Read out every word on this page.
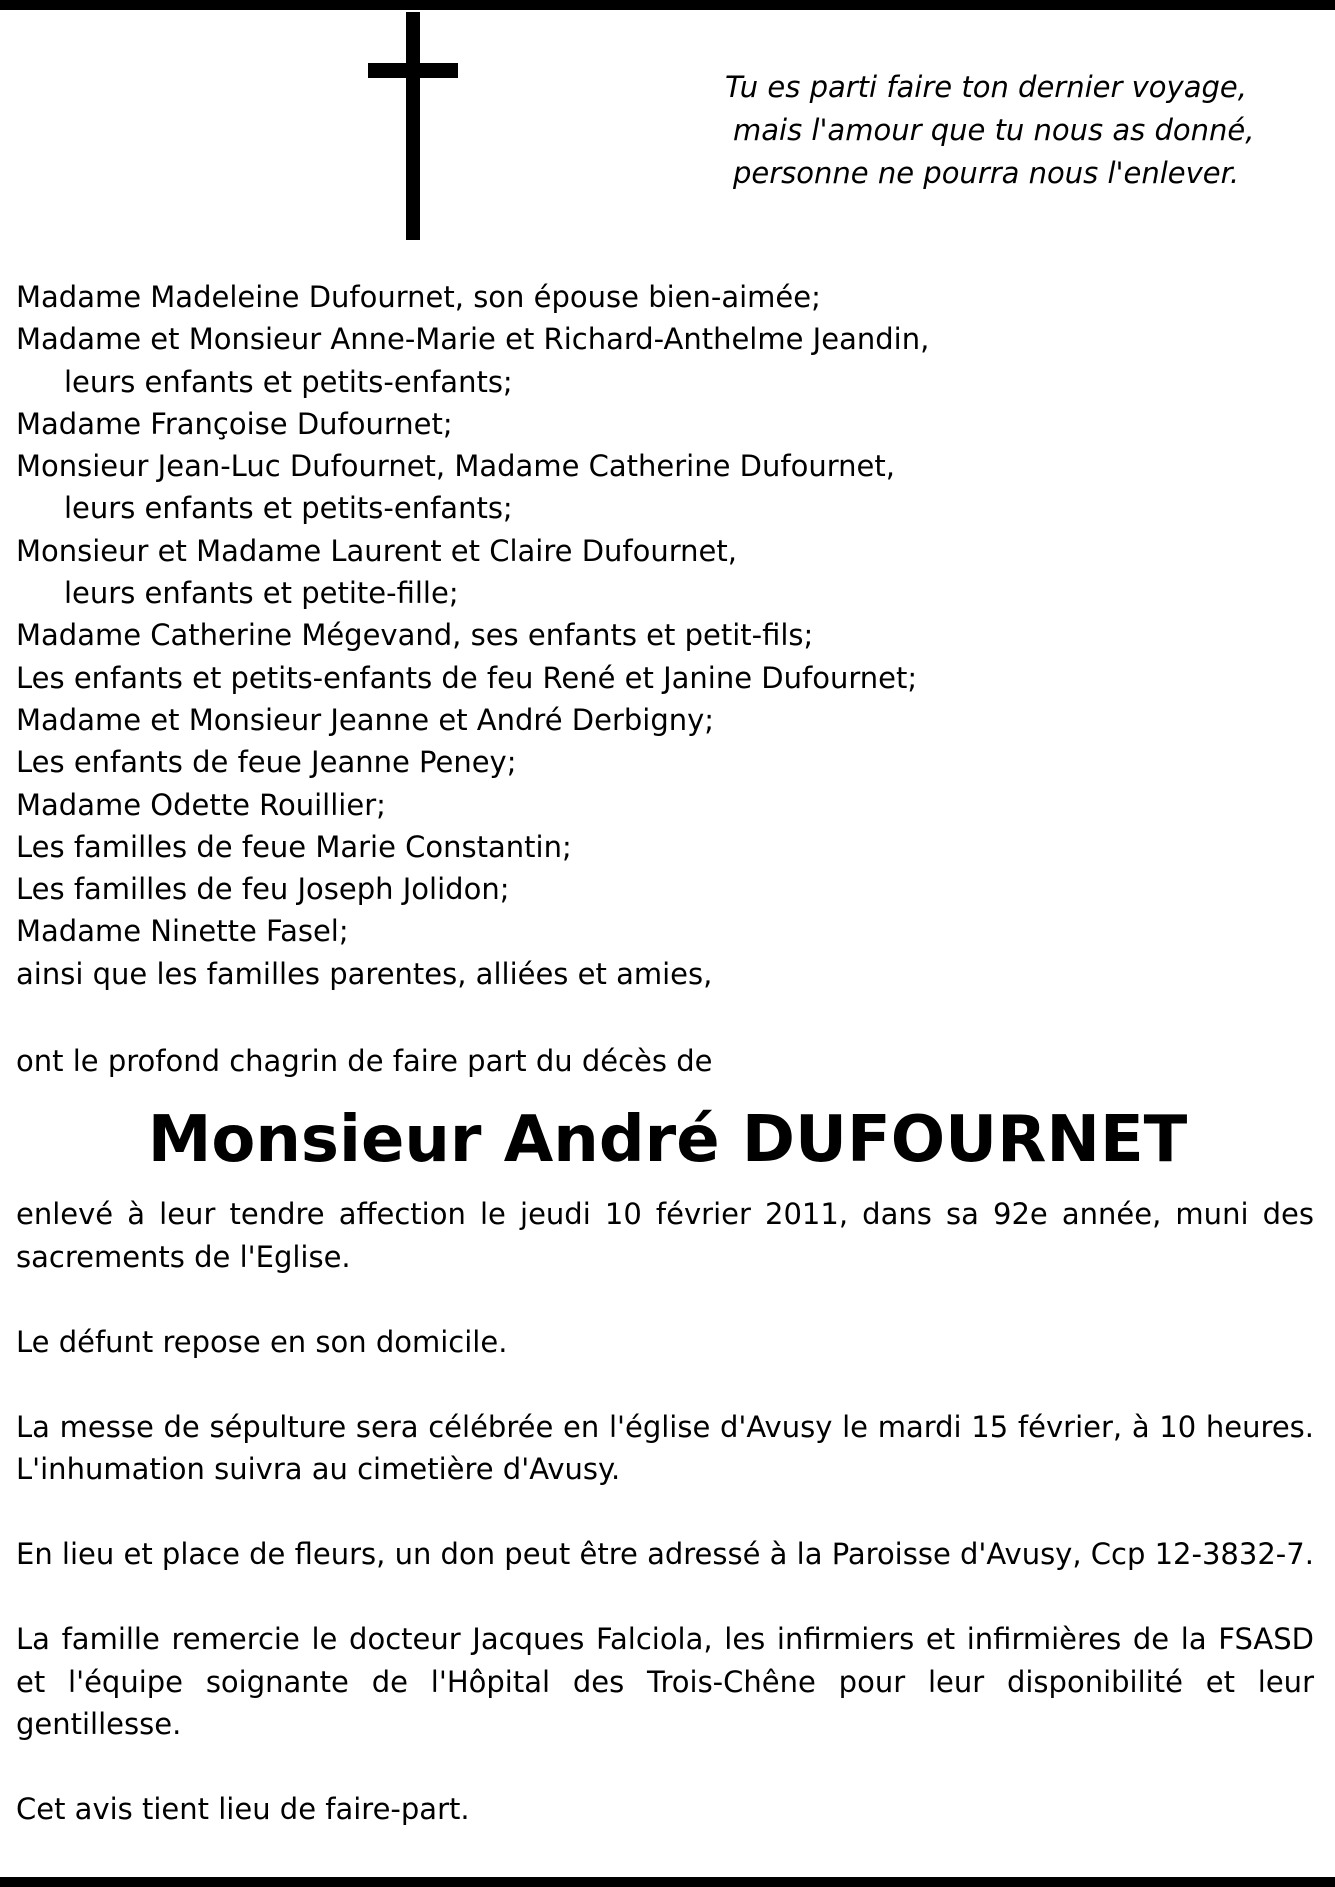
Tu es parti faire ton dernier voyage,
mais l'amour que tu nous as donné,
personne ne pourra nous l'enlever.
Madame Madeleine Dufournet, son épouse bien-aimée;
Madame et Monsieur Anne-Marie et Richard-Anthelme Jeandin,
leurs enfants et petits-enfants;
Madame Françoise Dufournet;
Monsieur Jean-Luc Dufournet, Madame Catherine Dufournet,
leurs enfants et petits-enfants;
Monsieur et Madame Laurent et Claire Dufournet,
leurs enfants et petite-fille;
Madame Catherine Mégevand, ses enfants et petit-fils;
Les enfants et petits-enfants de feu René et Janine Dufournet;
Madame et Monsieur Jeanne et André Derbigny;
Les enfants de feue Jeanne Peney;
Madame Odette Rouillier;
Les familles de feue Marie Constantin;
Les familles de feu Joseph Jolidon;
Madame Ninette Fasel;
ainsi que les familles parentes, alliées et amies,
ont le profond chagrin de faire part du décès de
Monsieur André DUFOURNET

enlevé à leur tendre affection le jeudi 10 février 2011, dans sa 92e année, muni des sacrements de l'Eglise.

Le défunt repose en son domicile.

La messe de sépulture sera célébrée en l'église d'Avusy le mardi 15 février, à 10 heures. L'inhumation suivra au cimetière d'Avusy.

En lieu et place de fleurs, un don peut être adressé à la Paroisse d'Avusy, Ccp 12-3832-7.

La famille remercie le docteur Jacques Falciola, les infirmiers et infirmières de la FSASD et l'équipe soignante de l'Hôpital des Trois-Chêne pour leur disponibilité et leur gentillesse.

Cet avis tient lieu de faire-part.
